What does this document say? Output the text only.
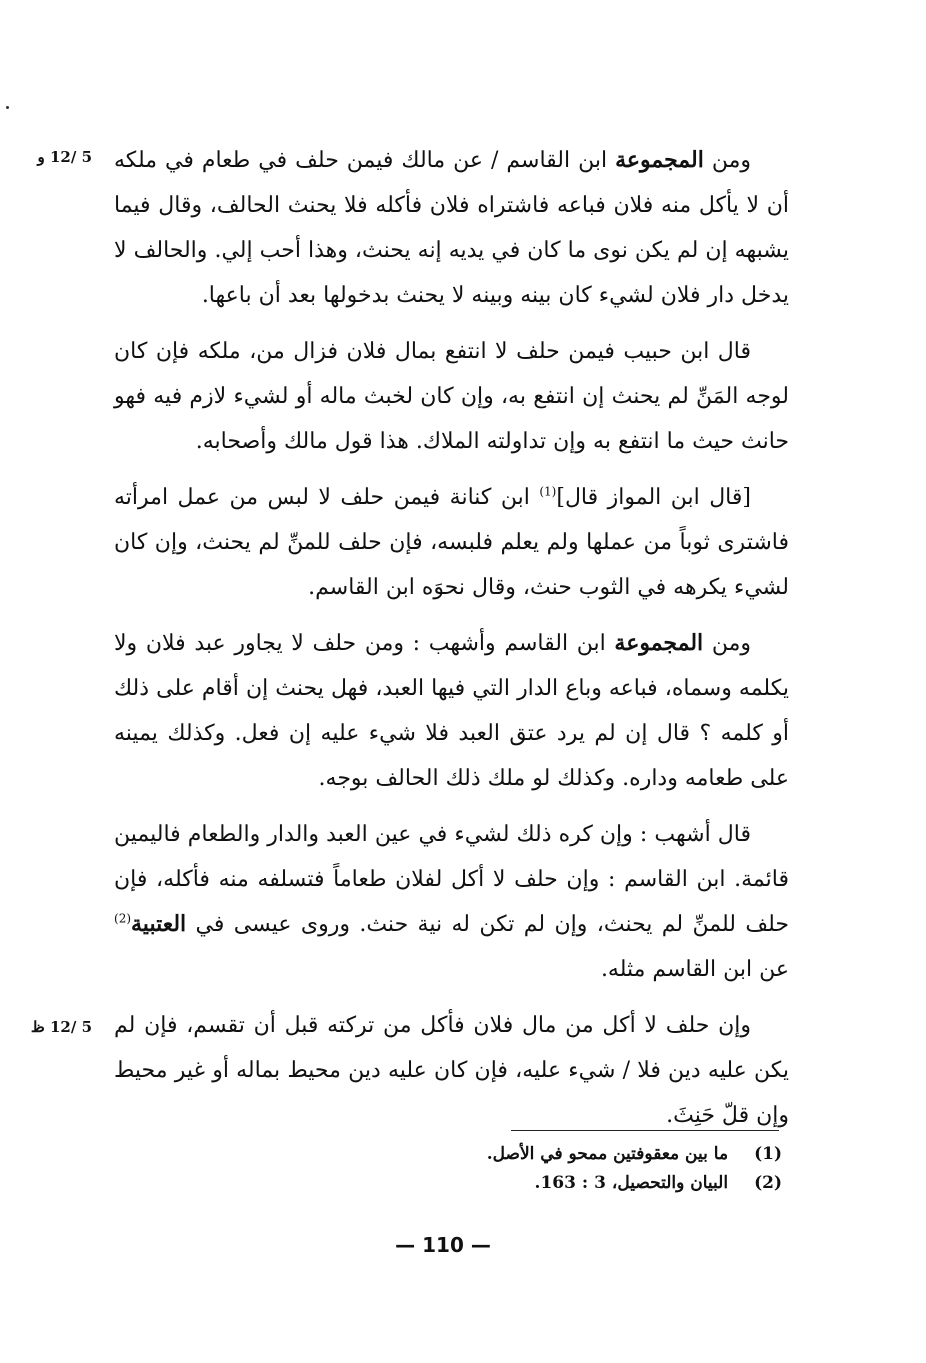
5 /12 و
5 /12 ظ

ومن المجموعة ابن القاسم / عن مالك فيمن حلف في طعام في ملكه أن لا يأكل منه فلان فباعه فاشتراه فلان فأكله فلا يحنث الحالف، وقال فيما يشبهه إن لم يكن نوى ما كان في يديه إنه يحنث، وهذا أحب إلي. والحالف لا يدخل دار فلان لشيء كان بينه وبينه لا يحنث بدخولها بعد أن باعها.

قال ابن حبيب فيمن حلف لا انتفع بمال فلان فزال من، ملكه فإن كان لوجه المَنِّ لم يحنث إن انتفع به، وإن كان لخبث ماله أو لشيء لازم فيه فهو حانث حيث ما انتفع به وإن تداولته الملاك. هذا قول مالك وأصحابه.

[قال ابن المواز قال]$^{(1)}$ ابن كنانة فيمن حلف لا لبس من عمل امرأته فاشترى ثوباً من عملها ولم يعلم فلبسه، فإن حلف للمنِّ لم يحنث، وإن كان لشيء يكرهه في الثوب حنث، وقال نحوَه ابن القاسم.

ومن المجموعة ابن القاسم وأشهب : ومن حلف لا يجاور عبد فلان ولا يكلمه وسماه، فباعه وباع الدار التي فيها العبد، فهل يحنث إن أقام على ذلك أو كلمه ؟ قال إن لم يرد عتق العبد فلا شيء عليه إن فعل. وكذلك يمينه على طعامه وداره. وكذلك لو ملك ذلك الحالف بوجه.

قال أشهب : وإن كره ذلك لشيء في عين العبد والدار والطعام فاليمين قائمة. ابن القاسم : وإن حلف لا أكل لفلان طعاماً فتسلفه منه فأكله، فإن حلف للمنِّ لم يحنث، وإن لم تكن له نية حنث. وروى عيسى في العتبية$^{(2)}$ عن ابن القاسم مثله.

وإن حلف لا أكل من مال فلان فأكل من تركته قبل أن تقسم، فإن لم يكن عليه دين فلا / شيء عليه، فإن كان عليه دين محيط بماله أو غير محيط وإن قلّ حَنِثَ.

(1)
ما بين معقوفتين ممحو في الأصل.
(2)
البيان والتحصيل، 3 : 163.
— 110 —
